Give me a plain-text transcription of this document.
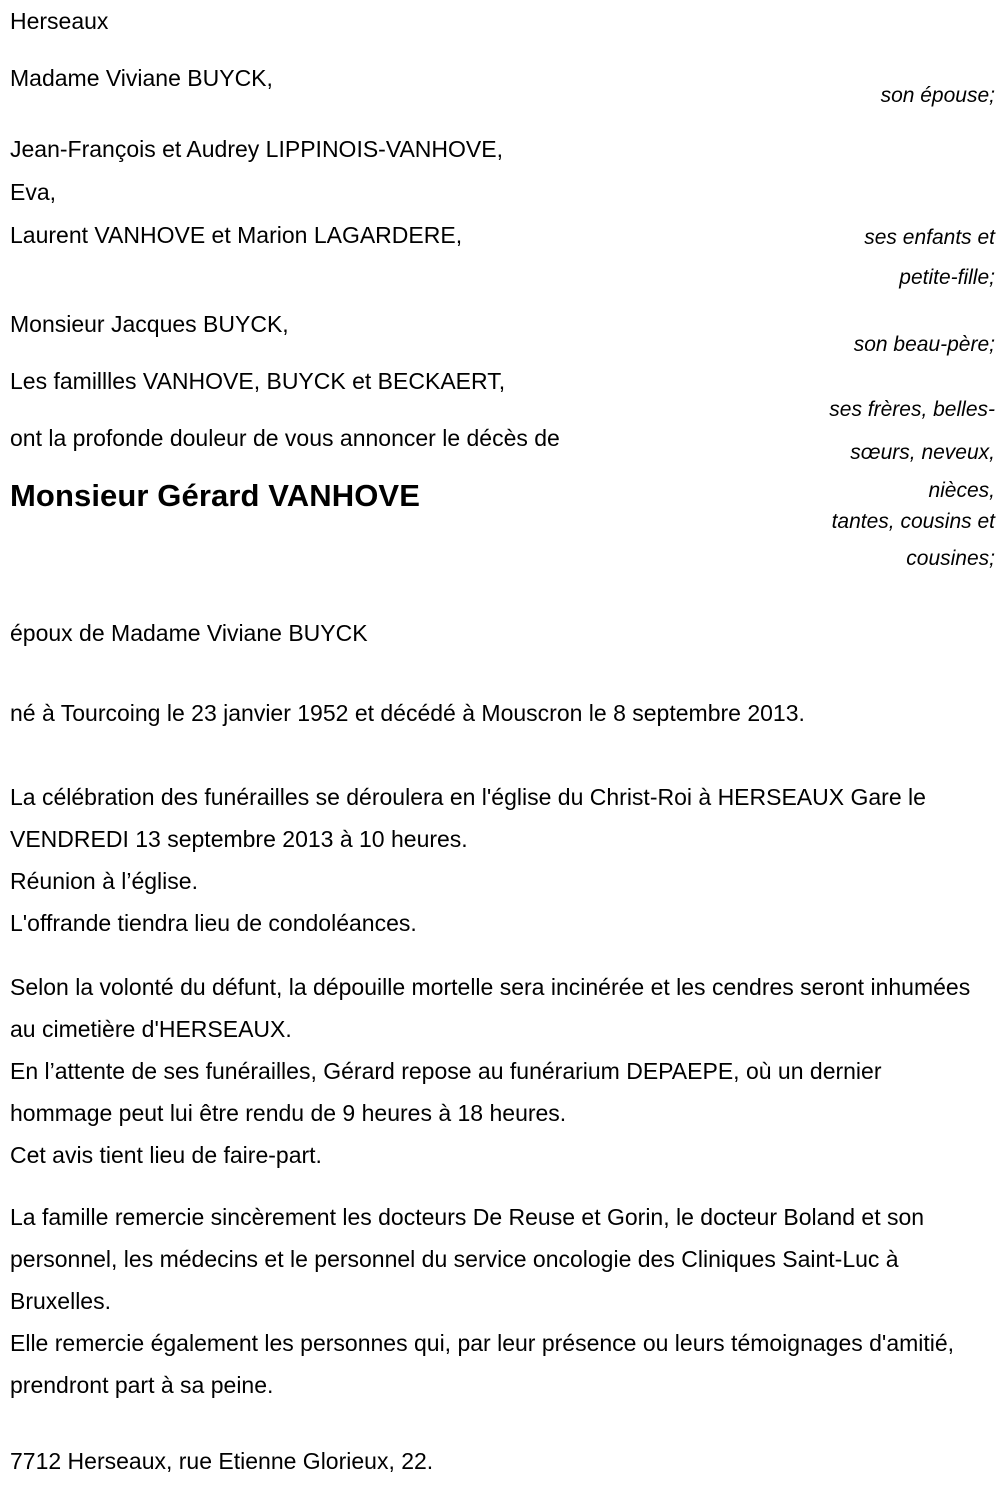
Herseaux
Madame Viviane BUYCK,
Jean-François et Audrey LIPPINOIS-VANHOVE,
Eva,
Laurent VANHOVE et Marion LAGARDERE,
Monsieur Jacques BUYCK,
Les famillles VANHOVE, BUYCK et BECKAERT,
ont la profonde douleur de vous annoncer le décès de
Monsieur Gérard VANHOVE
son épouse;
ses enfants et
petite-fille;
son beau-père;
ses frères, belles-
sœurs, neveux,
nièces,
tantes, cousins et
cousines;
époux de Madame Viviane BUYCK
né à Tourcoing le 23 janvier 1952 et décédé à Mouscron le 8 septembre 2013.
La célébration des funérailles se déroulera en l'église du Christ-Roi à HERSEAUX Gare le VENDREDI 13 septembre 2013 à 10 heures.
Réunion à l’église.
L'offrande tiendra lieu de condoléances.
Selon la volonté du défunt, la dépouille mortelle sera incinérée et les cendres seront inhumées au cimetière d'HERSEAUX.
En l’attente de ses funérailles, Gérard repose au funérarium DEPAEPE, où un dernier hommage peut lui être rendu de 9 heures à 18 heures.
Cet avis tient lieu de faire-part.
La famille remercie sincèrement les docteurs De Reuse et Gorin, le docteur Boland et son personnel, les médecins et le personnel du service oncologie des Cliniques Saint-Luc à Bruxelles.
Elle remercie également les personnes qui, par leur présence ou leurs témoignages d'amitié, prendront part à sa peine.
7712 Herseaux, rue Etienne Glorieux, 22.
